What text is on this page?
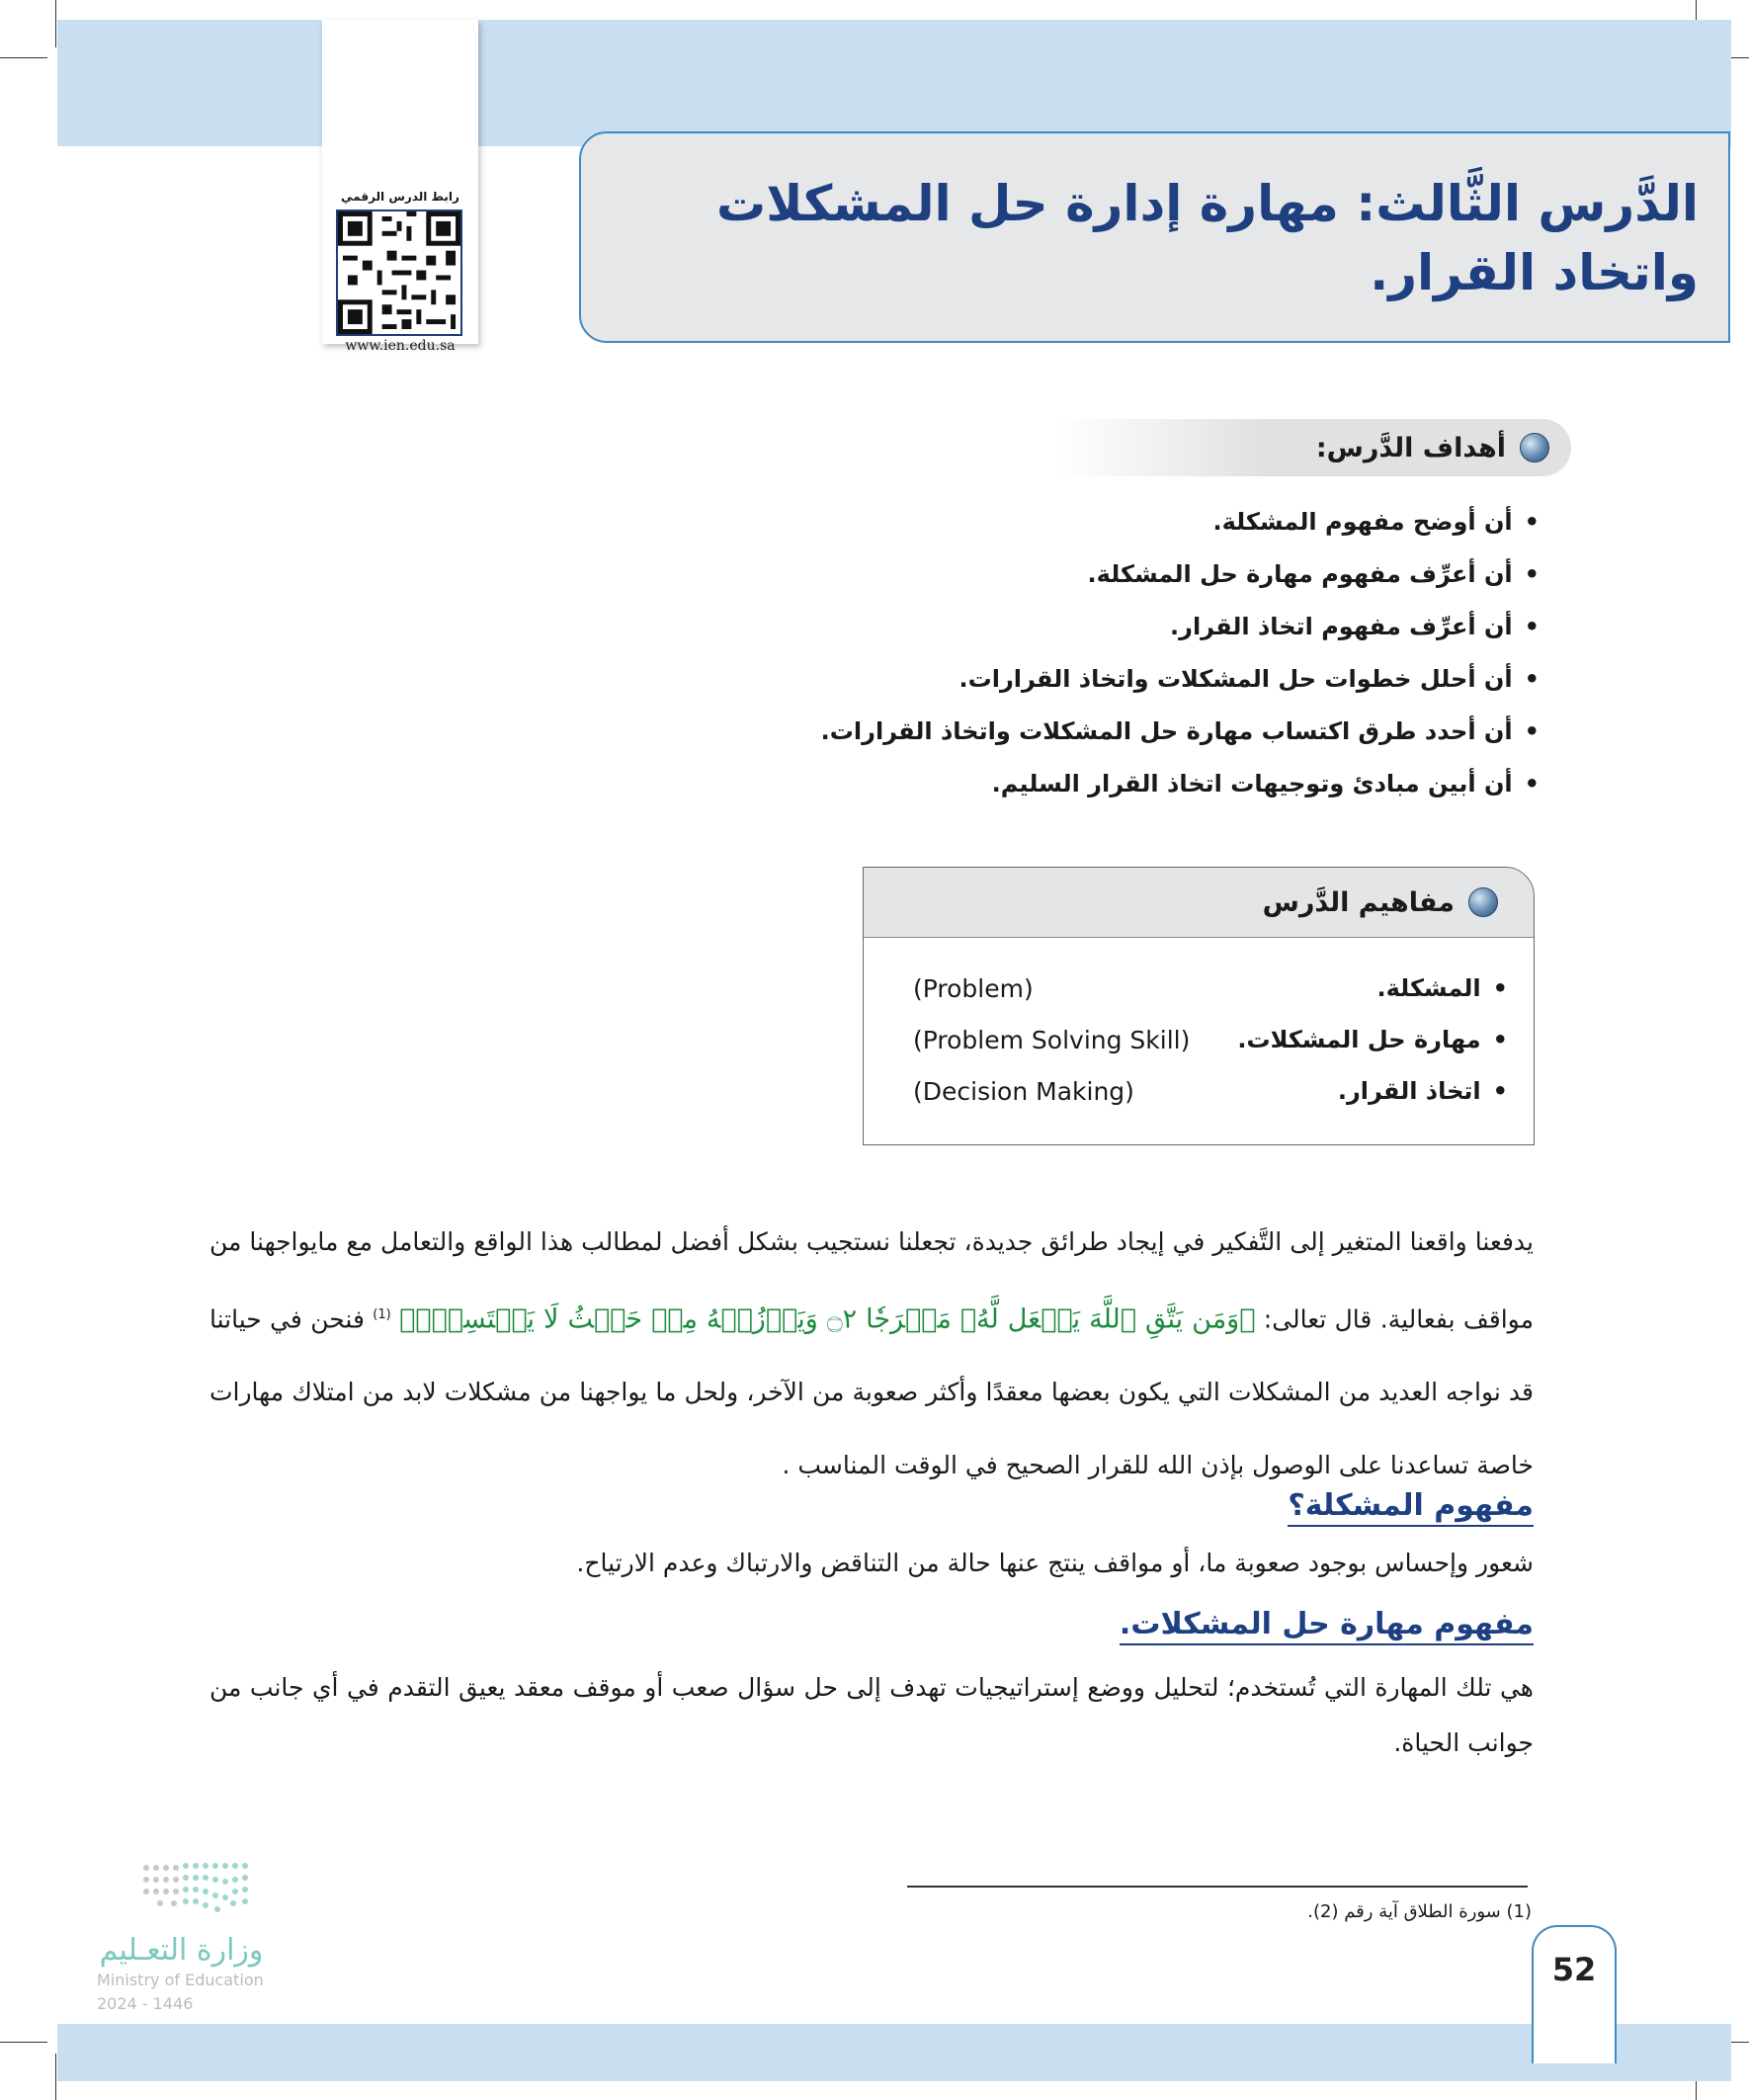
رابط الدرس الرقمي
www.ien.edu.sa
الدَّرس الثَّالث: مهارة إدارة حل المشكلات
واتخاد القرار.
أهداف الدَّرس:
• أن أوضح مفهوم المشكلة.
• أن أعرِّف مفهوم مهارة حل المشكلة.
• أن أعرِّف مفهوم اتخاذ القرار.
• أن أحلل خطوات حل المشكلات واتخاذ القرارات.
• أن أحدد طرق اكتساب مهارة حل المشكلات واتخاذ القرارات.
• أن أبين مبادئ وتوجيهات اتخاذ القرار السليم.
مفاهيم الدَّرس
• المشكلة.
(Problem)
• مهارة حل المشكلات.
(Problem Solving Skill)
• اتخاذ القرار.
(Decision Making)
يدفعنا واقعنا المتغير إلى التَّفكير في إيجاد طرائق جديدة، تجعلنا نستجيب بشكل أفضل لمطالب هذا الواقع والتعامل مع مايواجهنا من مواقف بفعالية. قال تعالى: ﴿وَمَن يَتَّقِ ٱللَّهَ يَجۡعَل لَّهُۥ مَخۡرَجٗا ۝٢ وَيَرۡزُقۡهُ مِنۡ حَيۡثُ لَا يَحۡتَسِبُۚ﴾ $^{(1)}$ فنحن في حياتنا قد نواجه العديد من المشكلات التي يكون بعضها معقدًا وأكثر صعوبة من الآخر، ولحل ما يواجهنا من مشكلات لابد من امتلاك مهارات خاصة تساعدنا على الوصول بإذن الله للقرار الصحيح في الوقت المناسب .
مفهوم المشكلة؟
شعور وإحساس بوجود صعوبة ما، أو مواقف ينتج عنها حالة من التناقض والارتباك وعدم الارتياح.
مفهوم مهارة حل المشكلات.
هي تلك المهارة التي تُستخدم؛ لتحليل ووضع إستراتيجيات تهدف إلى حل سؤال صعب أو موقف معقد يعيق التقدم في أي جانب من جوانب الحياة.
(1) سورة الطلاق آية رقم (2).
وزارة التعـليم
Ministry of Education
2024 - 1446
52
